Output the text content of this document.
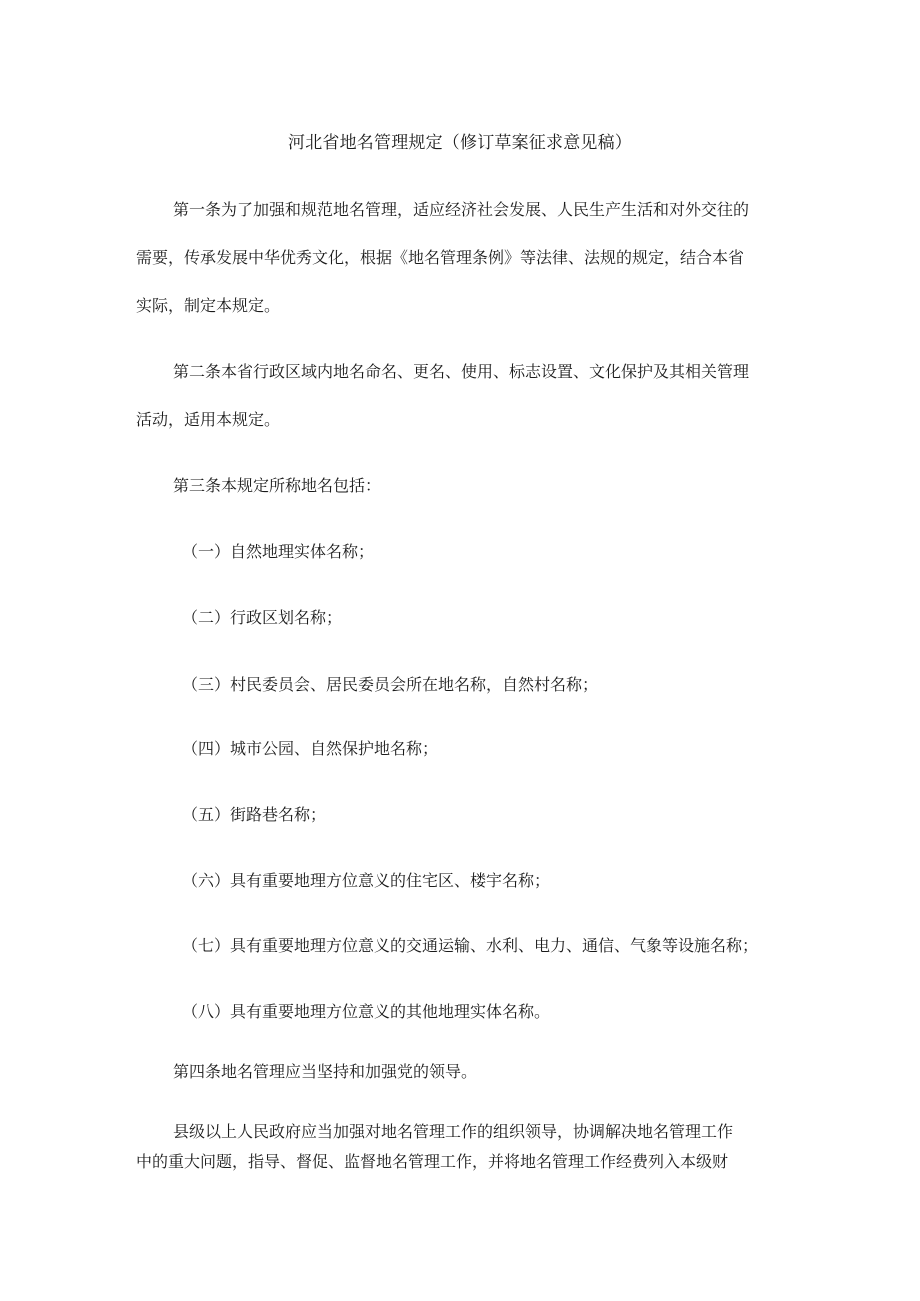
河北省地名管理规定（修订草案征求意见稿）
第一条为了加强和规范地名管理，适应经济社会发展、人民生产生活和对外交往的
需要，传承发展中华优秀文化，根据《地名管理条例》等法律、法规的规定，结合本省
实际，制定本规定。
第二条本省行政区域内地名命名、更名、使用、标志设置、文化保护及其相关管理
活动，适用本规定。
第三条本规定所称地名包括：
（一）自然地理实体名称；
（二）行政区划名称；
（三）村民委员会、居民委员会所在地名称，自然村名称；
（四）城市公园、自然保护地名称；
（五）街路巷名称；
（六）具有重要地理方位意义的住宅区、楼宇名称；
（七）具有重要地理方位意义的交通运输、水利、电力、通信、气象等设施名称；
（八）具有重要地理方位意义的其他地理实体名称。
第四条地名管理应当坚持和加强党的领导。
县级以上人民政府应当加强对地名管理工作的组织领导，协调解决地名管理工作
中的重大问题，指导、督促、监督地名管理工作，并将地名管理工作经费列入本级财
